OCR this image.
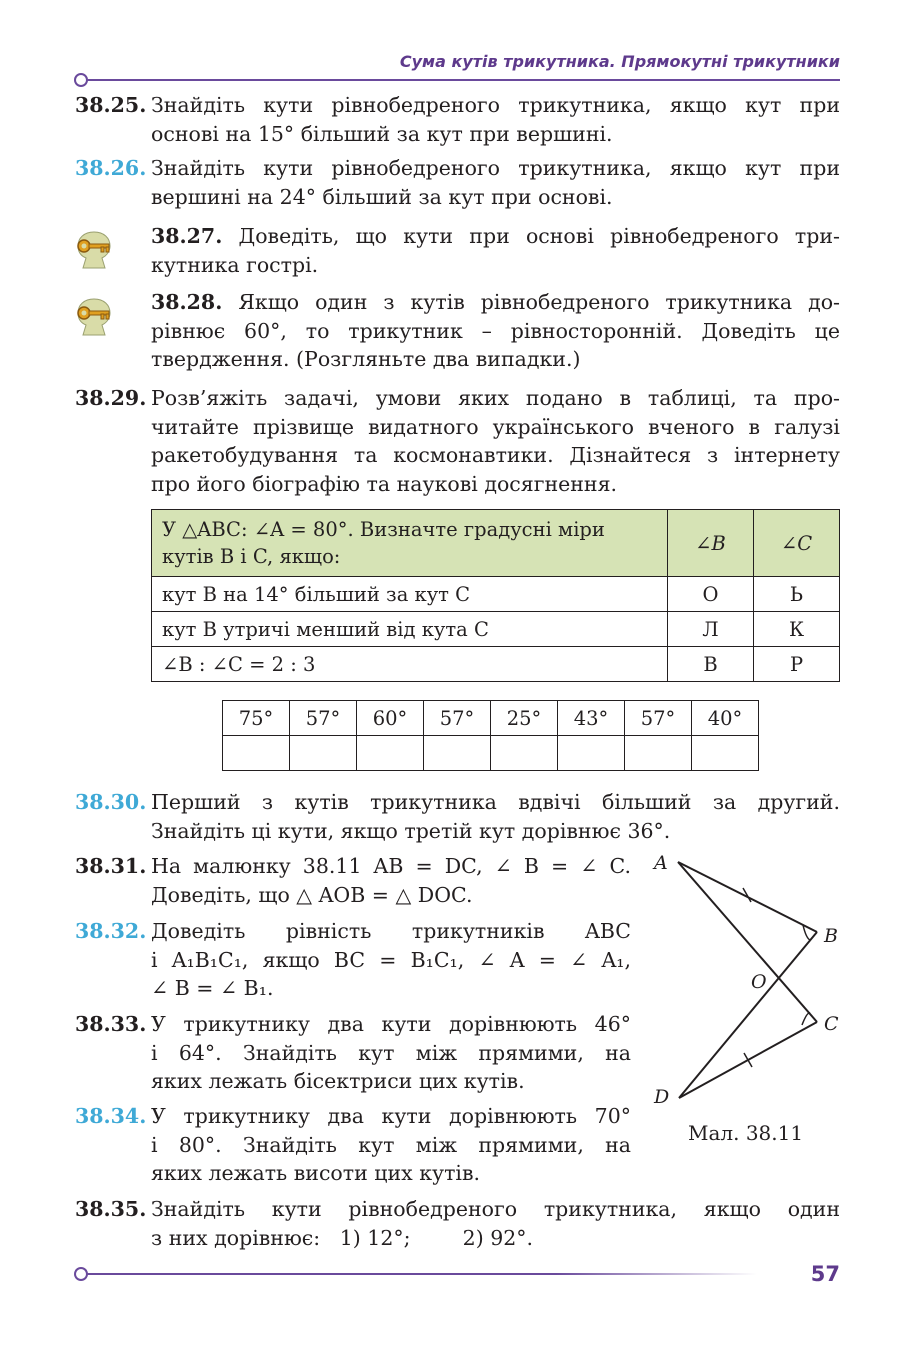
Сума кутів трикутника. Прямокутні трикутники
38.25. Знайдіть кути рівнобедреного трикутника, якщо кут при
основі на 15° більший за кут при вершині.
38.26. Знайдіть кути рівнобедреного трикутника, якщо кут при
вершині на 24° більший за кут при основі.
38.27. Доведіть, що кути при основі рівнобедреного три-
кутника гострі.
38.28. Якщо один з кутів рівнобедреного трикутника до-
рівнює 60°, то трикутник – рівносторонній. Доведіть це
твердження. (Розгляньте два випадки.)
38.29. Розв’яжіть задачі, умови яких подано в таблиці, та про-
читайте прізвище видатного українського вченого в галузі
ракетобудування та космонавтики. Дізнайтеся з інтернету
про його біографію та наукові досягнення.
У △ABC: ∠A = 80°. Визначте градусні міри кутів B і C, якщо:	∠B	∠C
кут B на 14° більший за кут C	О	Ь
кут B утричі менший від кута C	Л	К
∠B : ∠C = 2 : 3	В	Р
75°	57°	60°	57°	25°	43°	57°	40°

38.30. Перший з кутів трикутника вдвічі більший за другий.
Знайдіть ці кути, якщо третій кут дорівнює 36°.
38.31. На малюнку 38.11 AB = DC, ∠ B = ∠ C.
Доведіть, що △ AOB = △ DOC.
38.32. Доведіть рівність трикутників ABC
і A₁B₁C₁, якщо BC = B₁C₁, ∠ A = ∠ A₁,
∠ B = ∠ B₁.
38.33. У трикутнику два кути дорівнюють 46°
і 64°. Знайдіть кут між прямими, на
яких лежать бісектриси цих кутів.
38.34. У трикутнику два кути дорівнюють 70°
і 80°. Знайдіть кут між прямими, на
яких лежать висоти цих кутів.
A
B
O
C
D
Мал. 38.11
38.35. Знайдіть кути рівнобедреного трикутника, якщо один
з них дорівнює:   1) 12°;        2) 92°.
57
